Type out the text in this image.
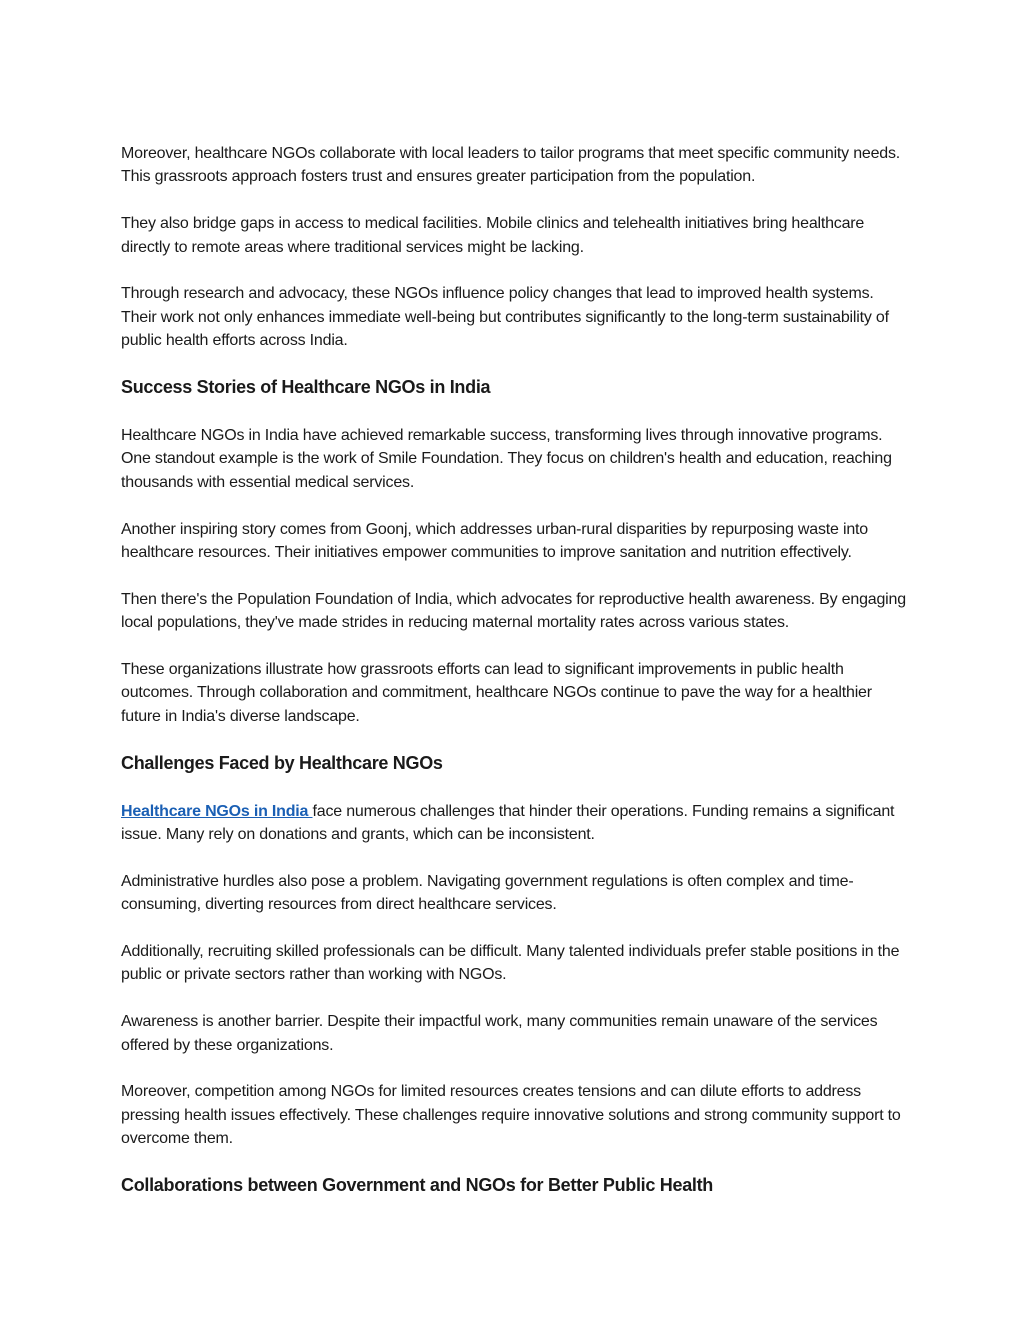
Moreover, healthcare NGOs collaborate with local leaders to tailor programs that meet specific community needs. This grassroots approach fosters trust and ensures greater participation from the population.

They also bridge gaps in access to medical facilities. Mobile clinics and telehealth initiatives bring healthcare directly to remote areas where traditional services might be lacking.

Through research and advocacy, these NGOs influence policy changes that lead to improved health systems. Their work not only enhances immediate well-being but contributes significantly to the long-term sustainability of public health efforts across India.

Success Stories of Healthcare NGOs in India

Healthcare NGOs in India have achieved remarkable success, transforming lives through innovative programs. One standout example is the work of Smile Foundation. They focus on children's health and education, reaching thousands with essential medical services.

Another inspiring story comes from Goonj, which addresses urban-rural disparities by repurposing waste into healthcare resources. Their initiatives empower communities to improve sanitation and nutrition effectively.

Then there's the Population Foundation of India, which advocates for reproductive health awareness. By engaging local populations, they've made strides in reducing maternal mortality rates across various states.

These organizations illustrate how grassroots efforts can lead to significant improvements in public health outcomes. Through collaboration and commitment, healthcare NGOs continue to pave the way for a healthier future in India's diverse landscape.

Challenges Faced by Healthcare NGOs

Healthcare NGOs in India face numerous challenges that hinder their operations. Funding remains a significant issue. Many rely on donations and grants, which can be inconsistent.

Administrative hurdles also pose a problem. Navigating government regulations is often complex and time-consuming, diverting resources from direct healthcare services.

Additionally, recruiting skilled professionals can be difficult. Many talented individuals prefer stable positions in the public or private sectors rather than working with NGOs.

Awareness is another barrier. Despite their impactful work, many communities remain unaware of the services offered by these organizations.

Moreover, competition among NGOs for limited resources creates tensions and can dilute efforts to address pressing health issues effectively. These challenges require innovative solutions and strong community support to overcome them.

Collaborations between Government and NGOs for Better Public Health
